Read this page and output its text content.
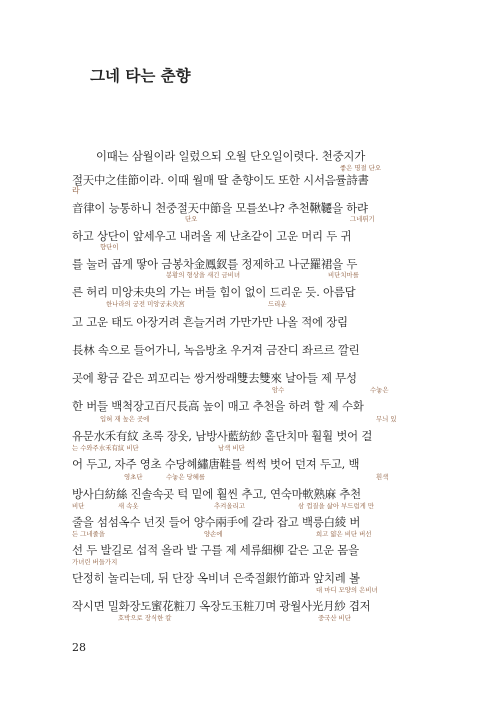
그네 타는 춘향
이때는 삼월이라 일렀으되 오월 단오일이렷다. 천중지가
절天中之佳節이라. 이때 월매 딸 춘향이도 또한 시서음률詩書
라
音律이 능통하니 천중절天中節을 모를쏘냐? 추천鞦韆을 하랴
하고 상단이 앞세우고 내려올 제 난초같이 고운 머리 두 귀
를 눌러 곱게 땋아 금봉차金鳳釵를 정제하고 나군羅裙을 두
른 허리 미앙未央의 가는 버들 힘이 없이 드리운 듯. 아름답
고 고운 태도 아장거려 흔늘거려 가만가만 나올 적에 장림
長林 속으로 들어가니, 녹음방초 우거져 금잔디 좌르르 깔린
곳에 황금 같은 꾀꼬리는 쌍거쌍래雙去雙來 날아들 제 무성
한 버들 백척장고百尺長高 높이 매고 추천을 하려 할 제 수화
유문水禾有紋 초록 장옷, 남방사藍紡紗 홑단치마 훨훨 벗어 걸
어 두고, 자주 영초 수당혜繡唐鞋를 썩썩 벗어 던져 두고, 백
방사白紡絲 진솔속곳 턱 밑에 훨씬 추고, 연숙마軟熟麻 추천
줄을 섬섬옥수 넌짓 들어 양수兩手에 갈라 잡고 백릉白綾 버
선 두 발길로 섭적 올라 발 구를 제 세류細柳 같은 고운 몸을
단정히 놀리는데, 뒤 단장 옥비녀 은죽절銀竹節과 앞치레 볼
작시면 밀화장도蜜花粧刀 옥장도玉粧刀며 광월사光月紗 겹저
좋은 명절 단오
단오	그네뛰기
향단이
봉황의 형상을 새긴 금비녀	비단치마를
한나라의 궁전 미앙궁未央宮	드리운
암수	수놓은
입혀 재 높은 곳에	무늬 있
는 수와주水禾有紋 비단	남색 비단
영초단	수놓은 당혜를	흰색
비단	새 속옷	추켜올리고	삼 껍질을 삶아 부드럽게 만
든 그네줄을	양손에	희고 얇은 비단 버선
가녀린 버들가지
대 마디 모양의 은비녀
호박으로 장식한 칼	중국산 비단
28
